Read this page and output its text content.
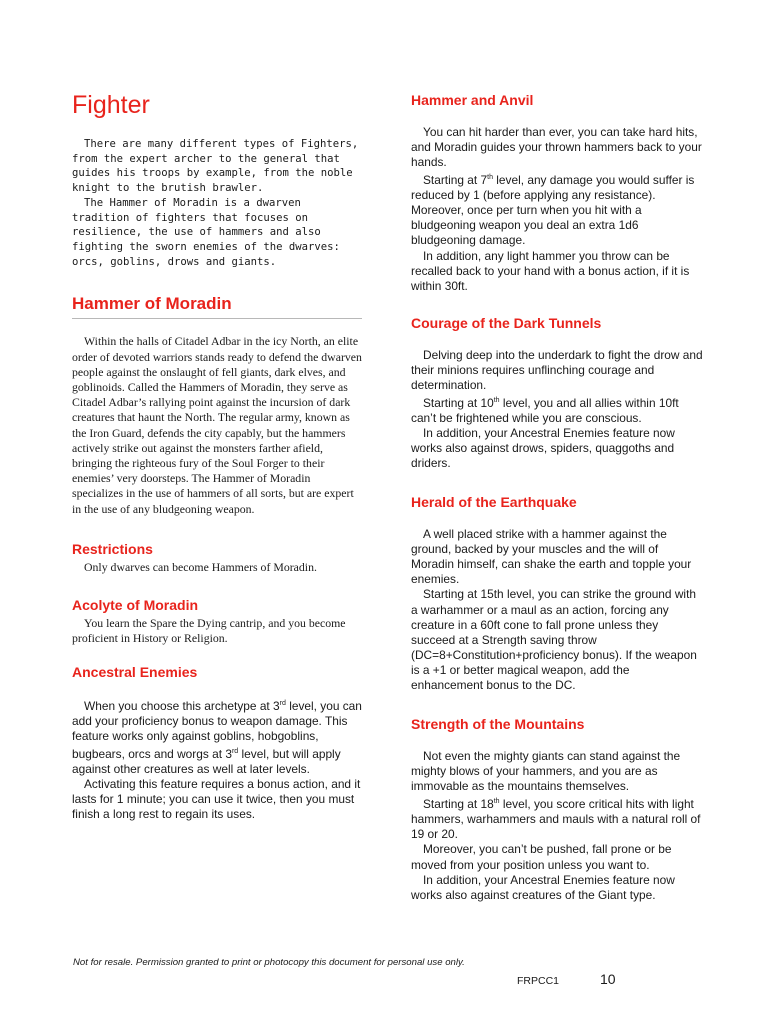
Fighter

There are many different types of Fighters, from the expert archer to the general that guides his troops by example, from the noble knight to the brutish brawler.

The Hammer of Moradin is a dwarven tradition of fighters that focuses on resilience, the use of hammers and also fighting the sworn enemies of the dwarves: orcs, goblins, drows and giants.

Hammer of Moradin

Within the halls of Citadel Adbar in the icy North, an elite order of devoted warriors stands ready to defend the dwarven people against the onslaught of fell giants, dark elves, and goblinoids. Called the Hammers of Moradin, they serve as Citadel Adbar’s rallying point against the incursion of dark creatures that haunt the North. The regular army, known as the Iron Guard, defends the city capably, but the hammers actively strike out against the monsters farther afield, bringing the righteous fury of the Soul Forger to their enemies’ very doorsteps. The Hammer of Moradin specializes in the use of hammers of all sorts, but are expert in the use of any bludgeoning weapon.

Restrictions

Only dwarves can become Hammers of Moradin.

Acolyte of Moradin

You learn the Spare the Dying cantrip, and you become proficient in History or Religion.

Ancestral Enemies

When you choose this archetype at 3rd level, you can add your proficiency bonus to weapon damage. This feature works only against goblins, hobgoblins, bugbears, orcs and worgs at 3rd level, but will apply against other creatures as well at later levels.

Activating this feature requires a bonus action, and it lasts for 1 minute; you can use it twice, then you must finish a long rest to regain its uses.

Hammer and Anvil

You can hit harder than ever, you can take hard hits, and Moradin guides your thrown hammers back to your hands.

Starting at 7th level, any damage you would suffer is reduced by 1 (before applying any resistance). Moreover, once per turn when you hit with a bludgeoning weapon you deal an extra 1d6 bludgeoning damage.

In addition, any light hammer you throw can be recalled back to your hand with a bonus action, if it is within 30ft.

Courage of the Dark Tunnels

Delving deep into the underdark to fight the drow and their minions requires unflinching courage and determination.

Starting at 10th level, you and all allies within 10ft can’t be frightened while you are conscious.

In addition, your Ancestral Enemies feature now works also against drows, spiders, quaggoths and driders.

Herald of the Earthquake

A well placed strike with a hammer against the ground, backed by your muscles and the will of Moradin himself, can shake the earth and topple your enemies.

Starting at 15th level, you can strike the ground with a warhammer or a maul as an action, forcing any creature in a 60ft cone to fall prone unless they succeed at a Strength saving throw (DC=8+Constitution+proficiency bonus). If the weapon is a +1 or better magical weapon, add the enhancement bonus to the DC.

Strength of the Mountains

Not even the mighty giants can stand against the mighty blows of your hammers, and you are as immovable as the mountains themselves.

Starting at 18th level, you score critical hits with light hammers, warhammers and mauls with a natural roll of 19 or 20.

Moreover, you can’t be pushed, fall prone or be moved from your position unless you want to.

In addition, your Ancestral Enemies feature now works also against creatures of the Giant type.

Not for resale. Permission granted to print or photocopy this document for personal use only.
FRPCC1	10
